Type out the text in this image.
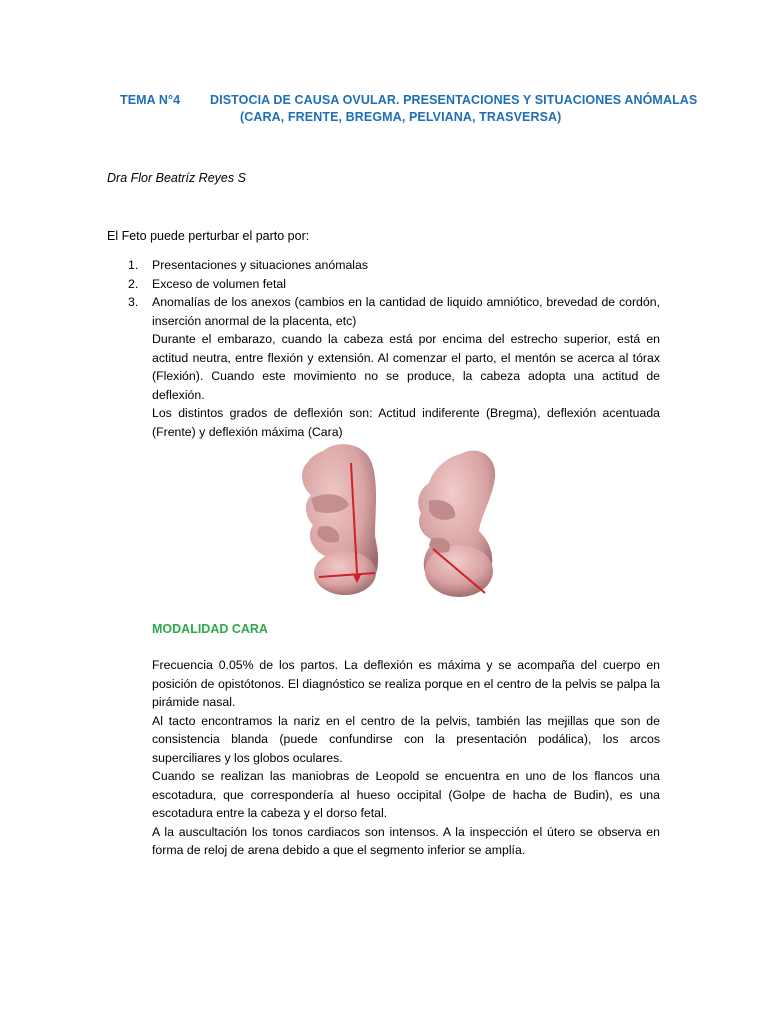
TEMA N°4 DISTOCIA DE CAUSA OVULAR. PRESENTACIONES Y SITUACIONES ANÓMALAS
(CARA, FRENTE, BREGMA, PELVIANA, TRASVERSA)
Dra Flor Beatríz Reyes S
El Feto puede perturbar el parto por:
1. Presentaciones y situaciones anómalas
2. Exceso de volumen fetal
3. Anomalías de los anexos (cambios en la cantidad de liquido amniótico, brevedad de cordón, inserción anormal de la placenta, etc)

Durante el embarazo, cuando la cabeza está por encima del estrecho superior, está en actitud neutra, entre flexión y extensión. Al comenzar el parto, el mentón se acerca al tórax (Flexión). Cuando este movimiento no se produce, la cabeza adopta una actitud de deflexión.

Los distintos grados de deflexión son: Actitud indiferente (Bregma), deflexión acentuada (Frente) y deflexión máxima (Cara)

MODALIDAD CARA

Frecuencia 0.05% de los partos. La deflexión es máxima y se acompaña del cuerpo en posición de opistótonos. El diagnóstico se realiza porque en el centro de la pelvis se palpa la pirámide nasal.

Al tacto encontramos la nariz en el centro de la pelvis, también las mejillas que son de consistencia blanda (puede confundirse con la presentación podálica), los arcos superciliares y los globos oculares.

Cuando se realizan las maniobras de Leopold se encuentra en uno de los flancos una escotadura, que correspondería al hueso occipital (Golpe de hacha de Budin), es una escotadura entre la cabeza y el dorso fetal.

A la auscultación los tonos cardiacos son intensos. A la inspección el útero se observa en forma de reloj de arena debido a que el segmento inferior se amplía.
